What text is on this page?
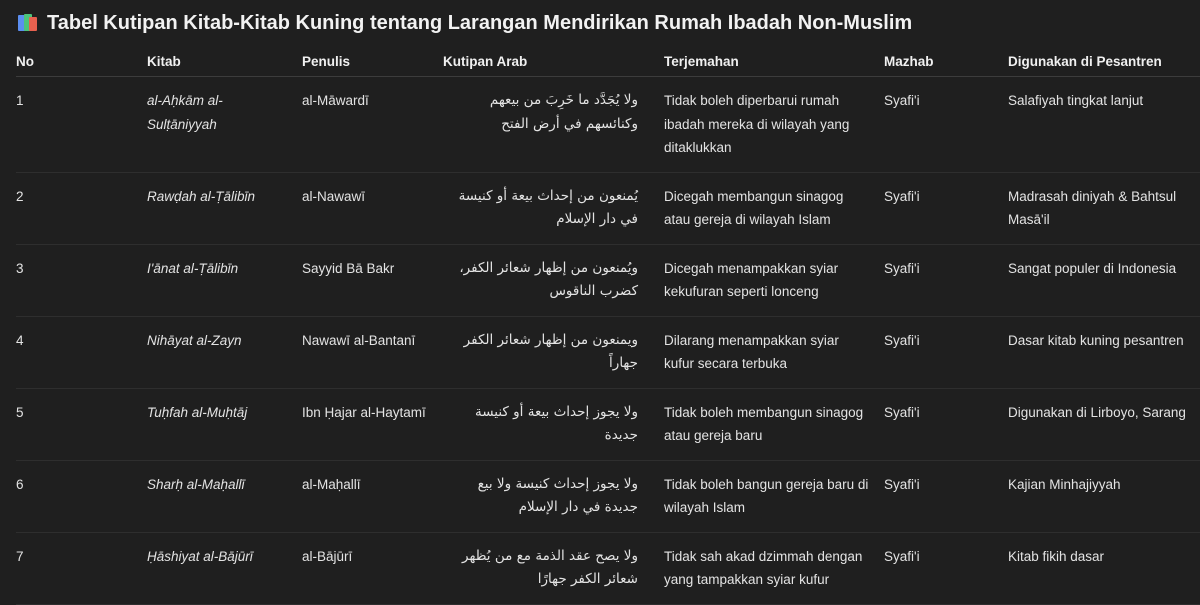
Tabel Kutipan Kitab-Kitab Kuning tentang Larangan Mendirikan Rumah Ibadah Non-Muslim
No	Kitab	Penulis	Kutipan Arab	Terjemahan	Mazhab	Digunakan di Pesantren
1	al-Aḥkām al-Sulṭāniyyah	al-Māwardī	ولا يُجَدَّد ما خَرِبَ من بيعهم وكنائسهم في أرض الفتح	Tidak boleh diperbarui rumah ibadah mereka di wilayah yang ditaklukkan	Syafi'i	Salafiyah tingkat lanjut
2	Rawḍah al-Ṭālibīn	al-Nawawī	يُمنعون من إحداث بيعة أو كنيسة في دار الإسلام	Dicegah membangun sinagog atau gereja di wilayah Islam	Syafi'i	Madrasah diniyah & Bahtsul Masā'il
3	I'ānat al-Ṭālibīn	Sayyid Bā Bakr	ويُمنعون من إظهار شعائر الكفر، كضرب الناقوس	Dicegah menampakkan syiar kekufuran seperti lonceng	Syafi'i	Sangat populer di Indonesia
4	Nihāyat al-Zayn	Nawawī al-Bantanī	ويمنعون من إظهار شعائر الكفر جهاراً	Dilarang menampakkan syiar kufur secara terbuka	Syafi'i	Dasar kitab kuning pesantren
5	Tuḥfah al-Muḥtāj	Ibn Ḥajar al-Haytamī	ولا يجوز إحداث بيعة أو كنيسة جديدة	Tidak boleh membangun sinagog atau gereja baru	Syafi'i	Digunakan di Lirboyo, Sarang
6	Sharḥ al-Maḥallī	al-Maḥallī	ولا يجوز إحداث كنيسة ولا بيع جديدة في دار الإسلام	Tidak boleh bangun gereja baru di wilayah Islam	Syafi'i	Kajian Minhajiyyah
7	Ḥāshiyat al-Bājūrī	al-Bājūrī	ولا يصح عقد الذمة مع من يُظهر شعائر الكفر جهارًا	Tidak sah akad dzimmah dengan yang tampakkan syiar kufur	Syafi'i	Kitab fikih dasar
